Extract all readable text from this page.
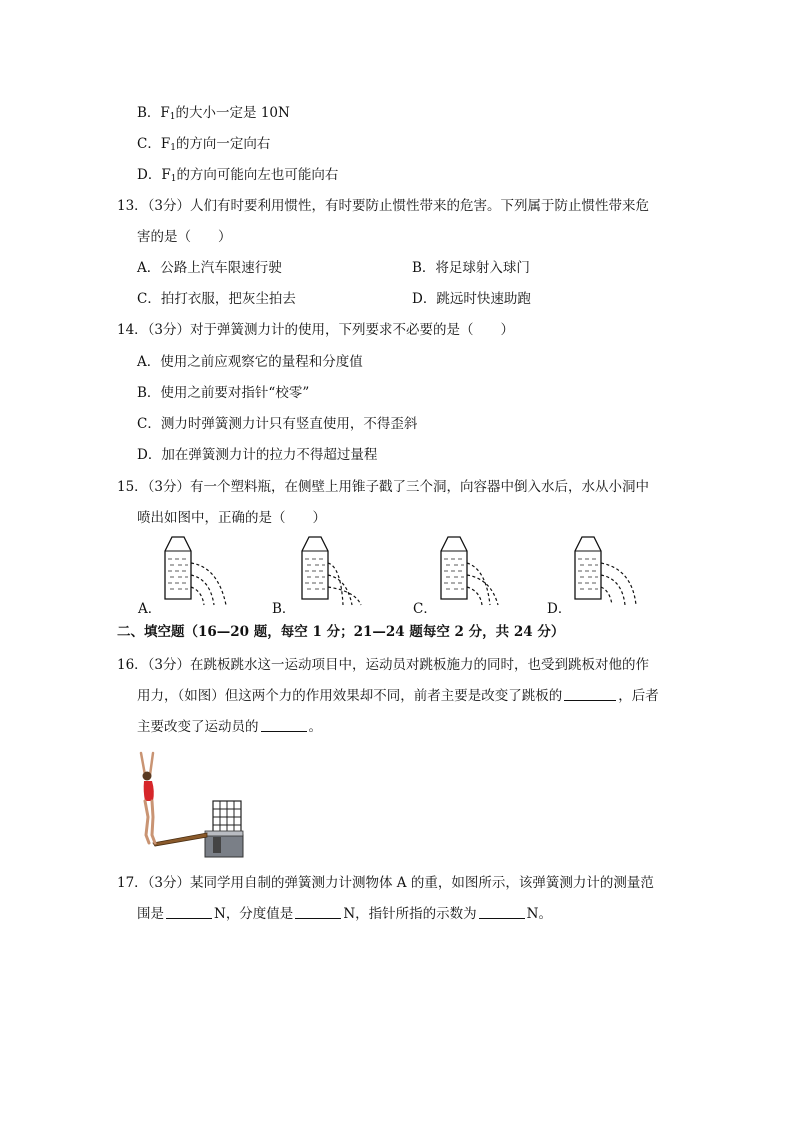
B．$F_1$的大小一定是 10N
C．$F_1$的方向一定向右
D．$F_1$的方向可能向左也可能向右
13．（3分）人们有时要利用惯性，有时要防止惯性带来的危害。下列属于防止惯性带来危
害的是（　　）
A．公路上汽车限速行驶	B．将足球射入球门
C．拍打衣服，把灰尘拍去	D．跳远时快速助跑
14．（3分）对于弹簧测力计的使用，下列要求不必要的是（　　）
A．使用之前应观察它的量程和分度值
B．使用之前要对指针“校零”
C．测力时弹簧测力计只有竖直使用，不得歪斜
D．加在弹簧测力计的拉力不得超过量程
15．（3分）有一个塑料瓶，在侧壁上用锥子戳了三个洞，向容器中倒入水后，水从小洞中
喷出如图中，正确的是（　　）
A．	B．	C．	D．
二、填空题（16—20 题，每空 1 分；21—24 题每空 2 分，共 24 分）
16．（3分）在跳板跳水这一运动项目中，运动员对跳板施力的同时，也受到跳板对他的作
用力，（如图）但这两个力的作用效果却不同，前者主要是改变了跳板的	，后者
主要改变了运动员的	。
17．（3分）某同学用自制的弹簧测力计测物体 A 的重，如图所示，该弹簧测力计的测量范
围是	N，分度值是	N，指针所指的示数为	N。
